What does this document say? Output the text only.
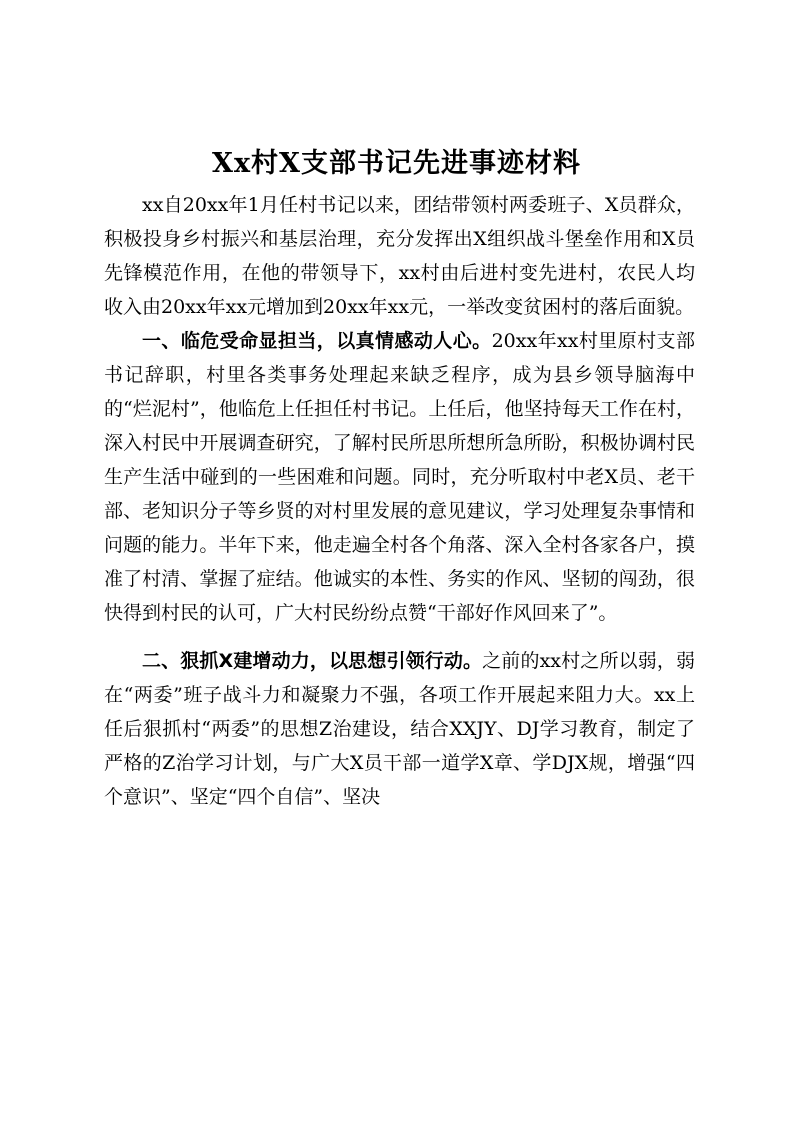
Xx村X支部书记先进事迹材料

xx自20xx年1月任村书记以来，团结带领村两委班子、X员群众，积极投身乡村振兴和基层治理，充分发挥出X组织战斗堡垒作用和X员先锋模范作用，在他的带领导下，xx村由后进村变先进村，农民人均收入由20xx年xx元增加到20xx年xx元，一举改变贫困村的落后面貌。

一、临危受命显担当，以真情感动人心。20xx年xx村里原村支部书记辞职，村里各类事务处理起来缺乏程序，成为县乡领导脑海中的“烂泥村”，他临危上任担任村书记。上任后，他坚持每天工作在村，深入村民中开展调查研究，了解村民所思所想所急所盼，积极协调村民生产生活中碰到的一些困难和问题。同时，充分听取村中老X员、老干部、老知识分子等乡贤的对村里发展的意见建议，学习处理复杂事情和问题的能力。半年下来，他走遍全村各个角落、深入全村各家各户，摸准了村清、掌握了症结。他诚实的本性、务实的作风、坚韧的闯劲，很快得到村民的认可，广大村民纷纷点赞“干部好作风回来了”。

二、狠抓X建增动力，以思想引领行动。之前的xx村之所以弱，弱在“两委”班子战斗力和凝聚力不强，各项工作开展起来阻力大。xx上任后狠抓村“两委”的思想Z治建设，结合XXJY、DJ学习教育，制定了严格的Z治学习计划，与广大X员干部一道学X章、学DJX规，增强“四个意识”、坚定“四个自信”、坚决
